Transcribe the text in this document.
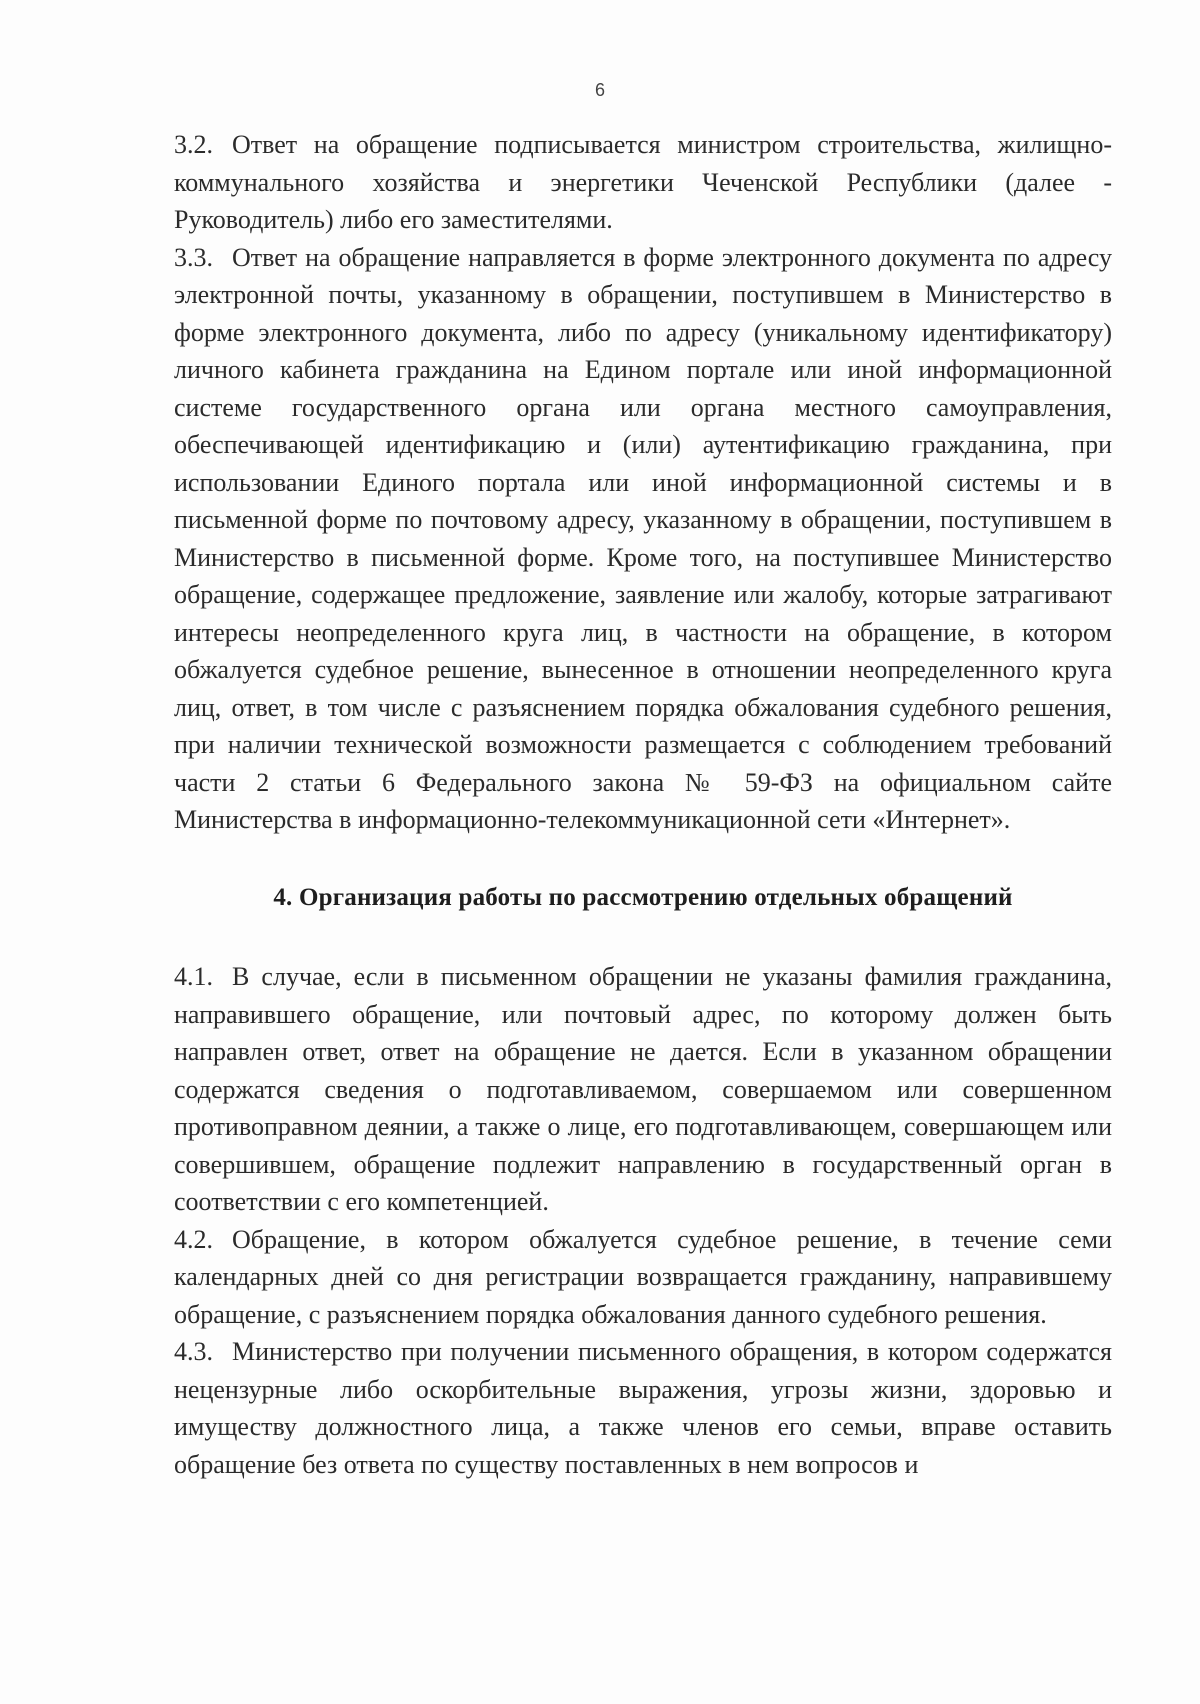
6

3.2. Ответ на обращение подписывается министром строительства, жилищно-коммунального хозяйства и энергетики Чеченской Республики (далее - Руководитель) либо его заместителями.

3.3. Ответ на обращение направляется в форме электронного документа по адресу электронной почты, указанному в обращении, поступившем в Министерство в форме электронного документа, либо по адресу (уникальному идентификатору) личного кабинета гражданина на Едином портале или иной информационной системе государственного органа или органа местного самоуправления, обеспечивающей идентификацию и (или) аутентификацию гражданина, при использовании Единого портала или иной информационной системы и в письменной форме по почтовому адресу, указанному в обращении, поступившем в Министерство в письменной форме. Кроме того, на поступившее Министерство обращение, содержащее предложение, заявление или жалобу, которые затрагивают интересы неопределенного круга лиц, в частности на обращение, в котором обжалуется судебное решение, вынесенное в отношении неопределенного круга лиц, ответ, в том числе с разъяснением порядка обжалования судебного решения, при наличии технической возможности размещается с соблюдением требований части 2 статьи 6 Федерального закона № 59-ФЗ на официальном сайте Министерства в информационно-телекоммуникационной сети «Интернет».

4. Организация работы по рассмотрению отдельных обращений

4.1. В случае, если в письменном обращении не указаны фамилия гражданина, направившего обращение, или почтовый адрес, по которому должен быть направлен ответ, ответ на обращение не дается. Если в указанном обращении содержатся сведения о подготавливаемом, совершаемом или совершенном противоправном деянии, а также о лице, его подготавливающем, совершающем или совершившем, обращение подлежит направлению в государственный орган в соответствии с его компетенцией.

4.2. Обращение, в котором обжалуется судебное решение, в течение семи календарных дней со дня регистрации возвращается гражданину, направившему обращение, с разъяснением порядка обжалования данного судебного решения.

4.3. Министерство при получении письменного обращения, в котором содержатся нецензурные либо оскорбительные выражения, угрозы жизни, здоровью и имуществу должностного лица, а также членов его семьи, вправе оставить обращение без ответа по существу поставленных в нем вопросов и
